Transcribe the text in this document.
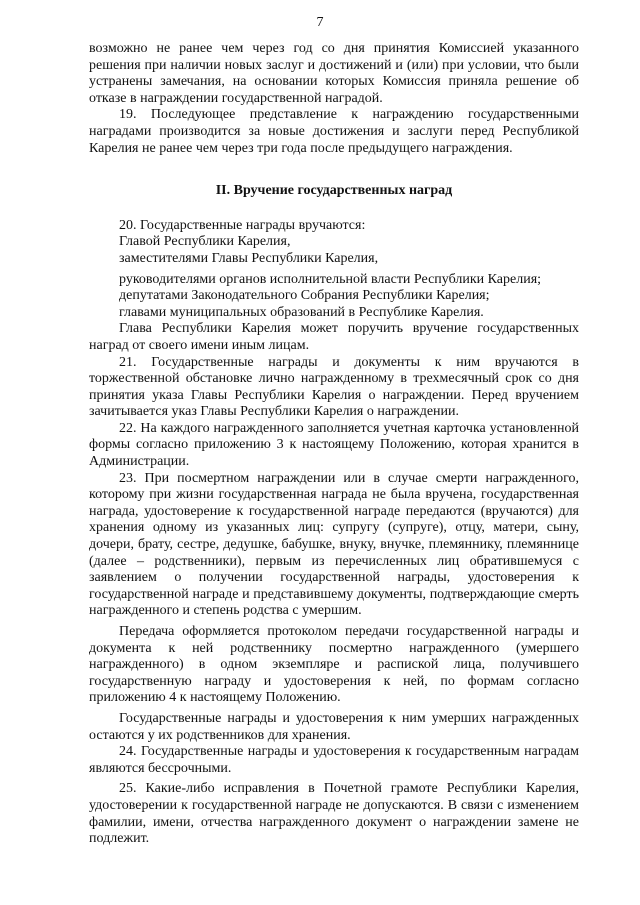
7

возможно не ранее чем через год со дня принятия Комиссией указанного решения при наличии новых заслуг и достижений и (или) при условии, что были устранены замечания, на основании которых Комиссия приняла решение об отказе в награждении государственной наградой.

19. Последующее представление к награждению государственными наградами производится за новые достижения и заслуги перед Республикой Карелия не ранее чем через три года после предыдущего награждения.

II. Вручение государственных наград

20. Государственные награды вручаются:

Главой Республики Карелия,

заместителями Главы Республики Карелия,

руководителями органов исполнительной власти Республики Карелия;

депутатами Законодательного Собрания Республики Карелия;

главами муниципальных образований в Республике Карелия.

Глава Республики Карелия может поручить вручение государственных наград от своего имени иным лицам.

21. Государственные награды и документы к ним вручаются в торжественной обстановке лично награжденному в трехмесячный срок со дня принятия указа Главы Республики Карелия о награждении. Перед вручением зачитывается указ Главы Республики Карелия о награждении.

22. На каждого награжденного заполняется учетная карточка установленной формы согласно приложению 3 к настоящему Положению, которая хранится в Администрации.

23. При посмертном награждении или в случае смерти награжденного, которому при жизни государственная награда не была вручена, государственная награда, удостоверение к государственной награде передаются (вручаются) для хранения одному из указанных лиц: супругу (супруге), отцу, матери, сыну, дочери, брату, сестре, дедушке, бабушке, внуку, внучке, племяннику, племяннице (далее – родственники), первым из перечисленных лиц обратившемуся с заявлением о получении государственной награды, удостоверения к государственной награде и представившему документы, подтверждающие смерть награжденного и степень родства с умершим.

Передача оформляется протоколом передачи государственной награды и документа к ней родственнику посмертно награжденного (умершего награжденного) в одном экземпляре и распиской лица, получившего государственную награду и удостоверения к ней, по формам согласно приложению 4 к настоящему Положению.

Государственные награды и удостоверения к ним умерших награжденных остаются у их родственников для хранения.

24. Государственные награды и удостоверения к государственным наградам являются бессрочными.

25. Какие-либо исправления в Почетной грамоте Республики Карелия, удостоверении к государственной награде не допускаются. В связи с изменением фамилии, имени, отчества награжденного документ о награждении замене не подлежит.
